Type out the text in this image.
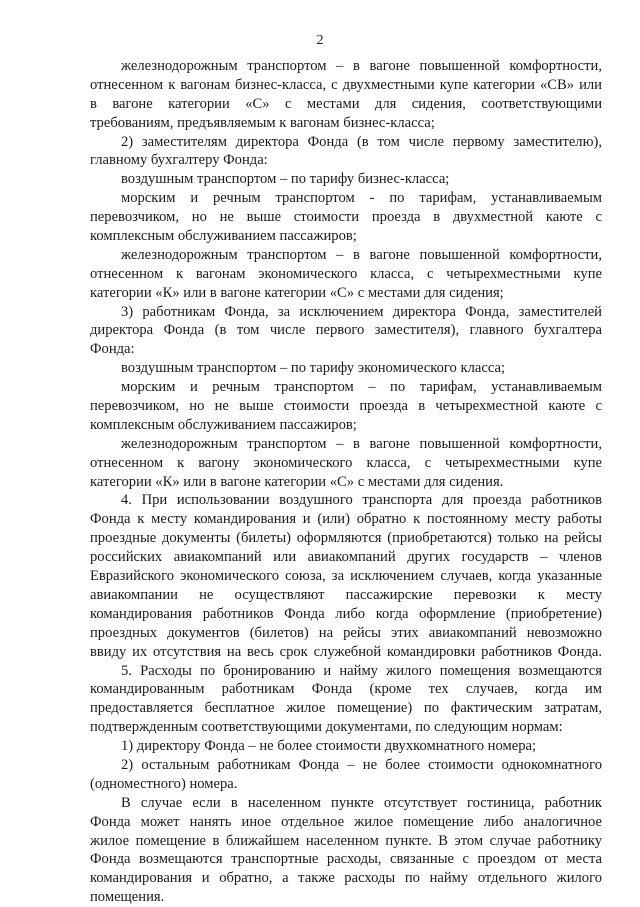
2
железнодорожным транспортом – в вагоне повышенной комфортности,
отнесенном к вагонам бизнес-класса, с двухместными купе категории «СВ» или
в вагоне категории «С» с местами для сидения, соответствующими
требованиям, предъявляемым к вагонам бизнес-класса;
2) заместителям директора Фонда (в том числе первому заместителю),
главному бухгалтеру Фонда:
воздушным транспортом – по тарифу бизнес-класса;
морским и речным транспортом - по тарифам, устанавливаемым
перевозчиком, но не выше стоимости проезда в двухместной каюте с
комплексным обслуживанием пассажиров;
железнодорожным транспортом – в вагоне повышенной комфортности,
отнесенном к вагонам экономического класса, с четырехместными купе
категории «К» или в вагоне категории «С» с местами для сидения;
3) работникам Фонда, за исключением директора Фонда, заместителей
директора Фонда (в том числе первого заместителя), главного бухгалтера
Фонда:
воздушным транспортом – по тарифу экономического класса;
морским и речным транспортом – по тарифам, устанавливаемым
перевозчиком, но не выше стоимости проезда в четырехместной каюте с
комплексным обслуживанием пассажиров;
железнодорожным транспортом – в вагоне повышенной комфортности,
отнесенном к вагону экономического класса, с четырехместными купе
категории «К» или в вагоне категории «С» с местами для сидения.
4. При использовании воздушного транспорта для проезда работников
Фонда к месту командирования и (или) обратно к постоянному месту работы
проездные документы (билеты) оформляются (приобретаются) только на рейсы
российских авиакомпаний или авиакомпаний других государств – членов
Евразийского экономического союза, за исключением случаев, когда указанные
авиакомпании не осуществляют пассажирские перевозки к месту
командирования работников Фонда либо когда оформление (приобретение)
проездных документов (билетов) на рейсы этих авиакомпаний невозможно
ввиду их отсутствия на весь срок служебной командировки работников Фонда.
5. Расходы по бронированию и найму жилого помещения возмещаются
командированным работникам Фонда (кроме тех случаев, когда им
предоставляется бесплатное жилое помещение) по фактическим затратам,
подтвержденным соответствующими документами, по следующим нормам:
1) директору Фонда – не более стоимости двухкомнатного номера;
2) остальным работникам Фонда – не более стоимости однокомнатного
(одноместного) номера.
В случае если в населенном пункте отсутствует гостиница, работник
Фонда может нанять иное отдельное жилое помещение либо аналогичное
жилое помещение в ближайшем населенном пункте. В этом случае работнику
Фонда возмещаются транспортные расходы, связанные с проездом от места
командирования и обратно, а также расходы по найму отдельного жилого
помещения.
